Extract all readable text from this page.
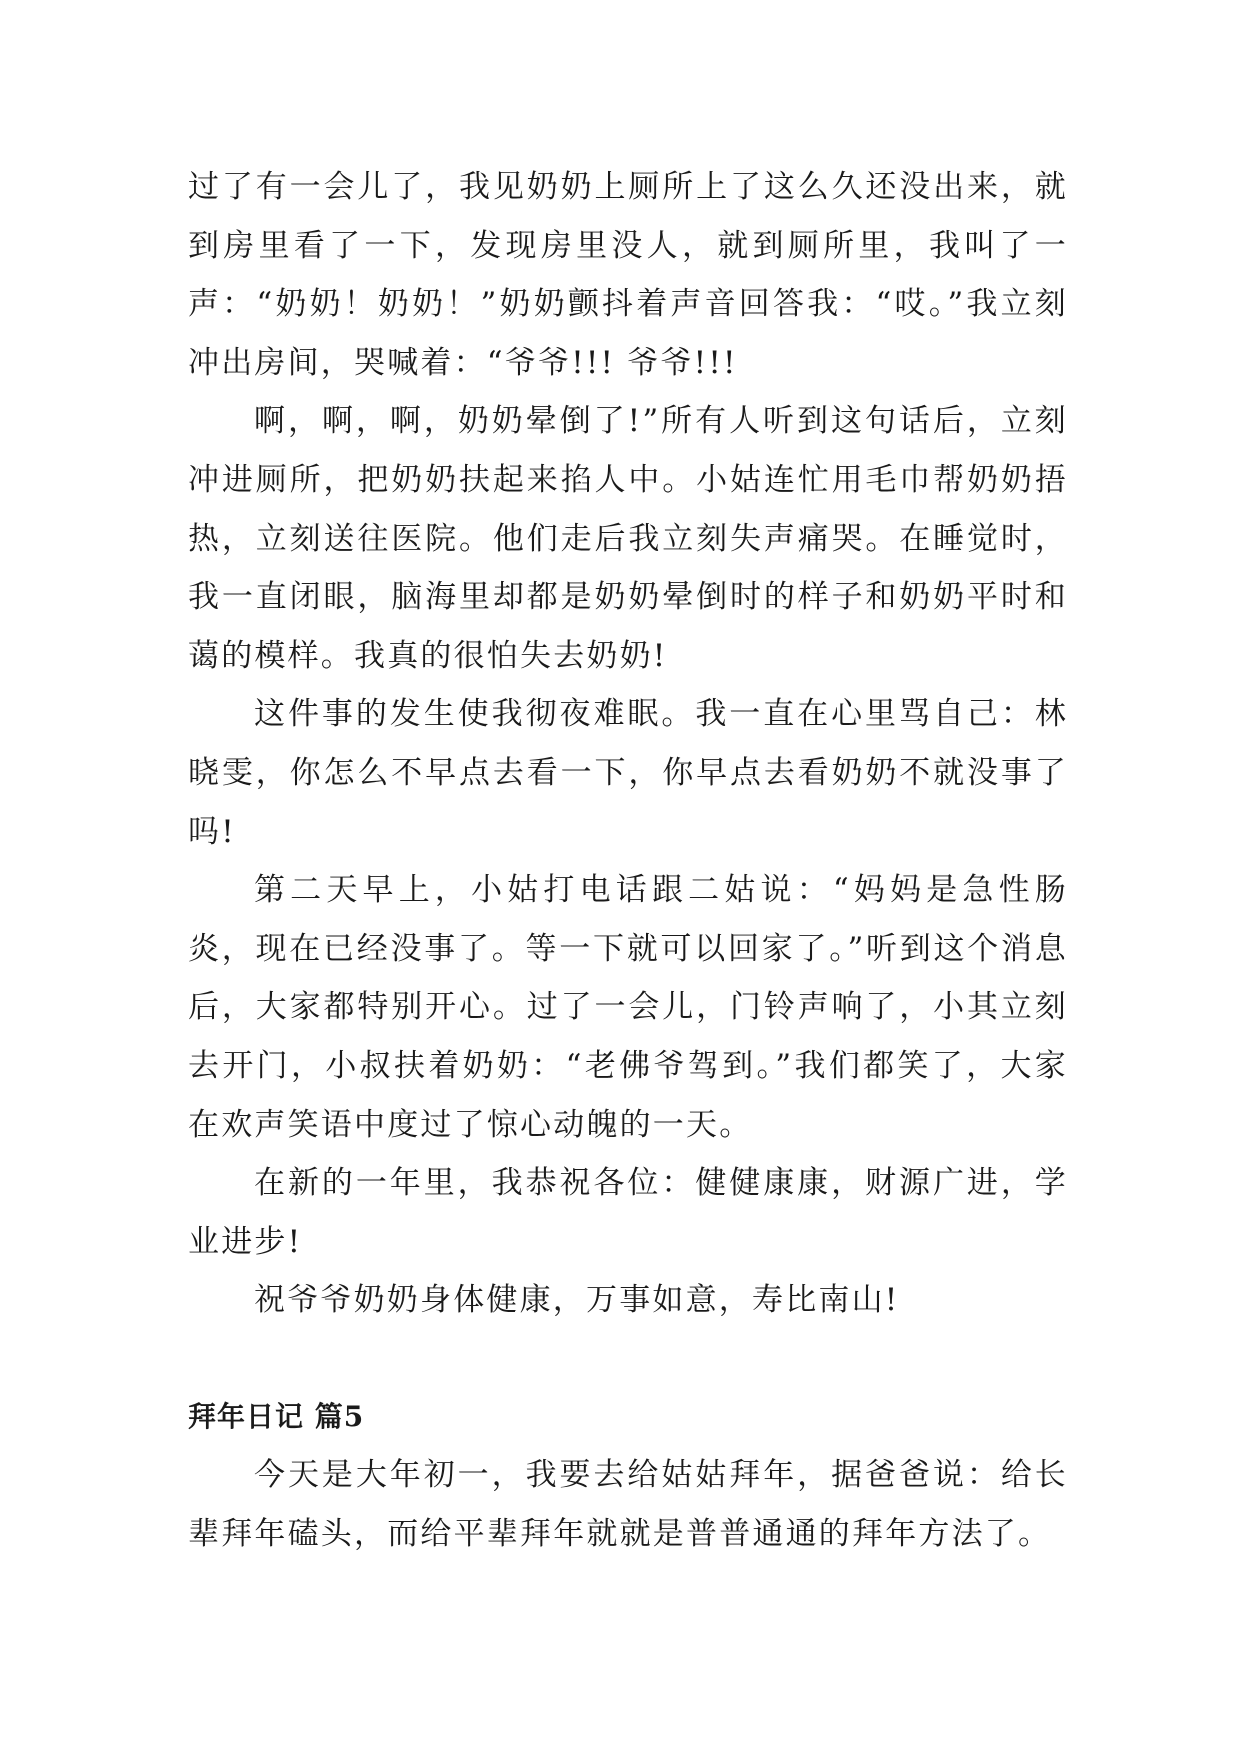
过了有一会儿了，我见奶奶上厕所上了这么久还没出来，就到房里看了一下，发现房里没人，就到厕所里，我叫了一声：“奶奶！奶奶！”奶奶颤抖着声音回答我：“哎。”我立刻冲出房间，哭喊着：“爷爷!!! 爷爷!!!

啊，啊，啊，奶奶晕倒了!”所有人听到这句话后，立刻冲进厕所，把奶奶扶起来掐人中。小姑连忙用毛巾帮奶奶捂热，立刻送往医院。他们走后我立刻失声痛哭。在睡觉时，我一直闭眼，脑海里却都是奶奶晕倒时的样子和奶奶平时和蔼的模样。我真的很怕失去奶奶!

这件事的发生使我彻夜难眠。我一直在心里骂自己：林晓雯，你怎么不早点去看一下，你早点去看奶奶不就没事了吗!

第二天早上，小姑打电话跟二姑说：“妈妈是急性肠炎，现在已经没事了。等一下就可以回家了。”听到这个消息后，大家都特别开心。过了一会儿，门铃声响了，小其立刻去开门，小叔扶着奶奶：“老佛爷驾到。”我们都笑了，大家在欢声笑语中度过了惊心动魄的一天。

在新的一年里，我恭祝各位：健健康康，财源广进，学业进步!

祝爷爷奶奶身体健康，万事如意，寿比南山!

拜年日记 篇5

今天是大年初一，我要去给姑姑拜年，据爸爸说：给长辈拜年磕头，而给平辈拜年就就是普普通通的拜年方法了。
